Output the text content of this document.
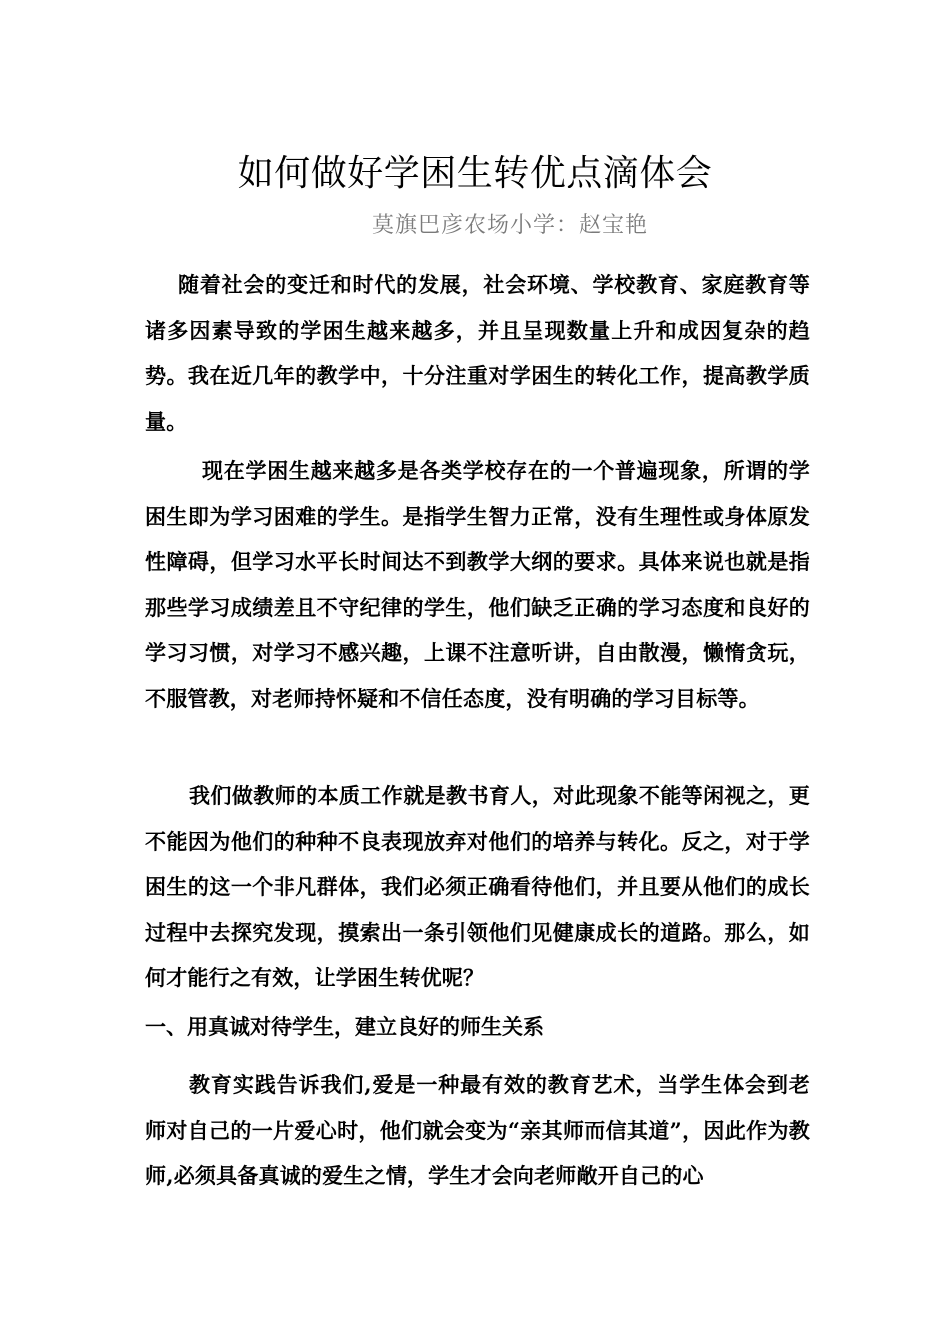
如何做好学困生转优点滴体会
莫旗巴彦农场小学：赵宝艳

随着社会的变迁和时代的发展，社会环境、学校教育、家庭教育等诸多因素导致的学困生越来越多，并且呈现数量上升和成因复杂的趋势。我在近几年的教学中，十分注重对学困生的转化工作，提高教学质量。

现在学困生越来越多是各类学校存在的一个普遍现象，所谓的学困生即为学习困难的学生。是指学生智力正常，没有生理性或身体原发性障碍，但学习水平长时间达不到教学大纲的要求。具体来说也就是指那些学习成绩差且不守纪律的学生，他们缺乏正确的学习态度和良好的学习习惯，对学习不感兴趣，上课不注意听讲，自由散漫，懒惰贪玩，不服管教，对老师持怀疑和不信任态度，没有明确的学习目标等。

我们做教师的本质工作就是教书育人，对此现象不能等闲视之，更不能因为他们的种种不良表现放弃对他们的培养与转化。反之，对于学困生的这一个非凡群体，我们必须正确看待他们，并且要从他们的成长过程中去探究发现，摸索出一条引领他们见健康成长的道路。那么，如何才能行之有效，让学困生转优呢？

一、用真诚对待学生，建立良好的师生关系

教育实践告诉我们,爱是一种最有效的教育艺术，当学生体会到老师对自己的一片爱心时，他们就会变为“亲其师而信其道”，因此作为教师,必须具备真诚的爱生之情，学生才会向老师敞开自己的心
